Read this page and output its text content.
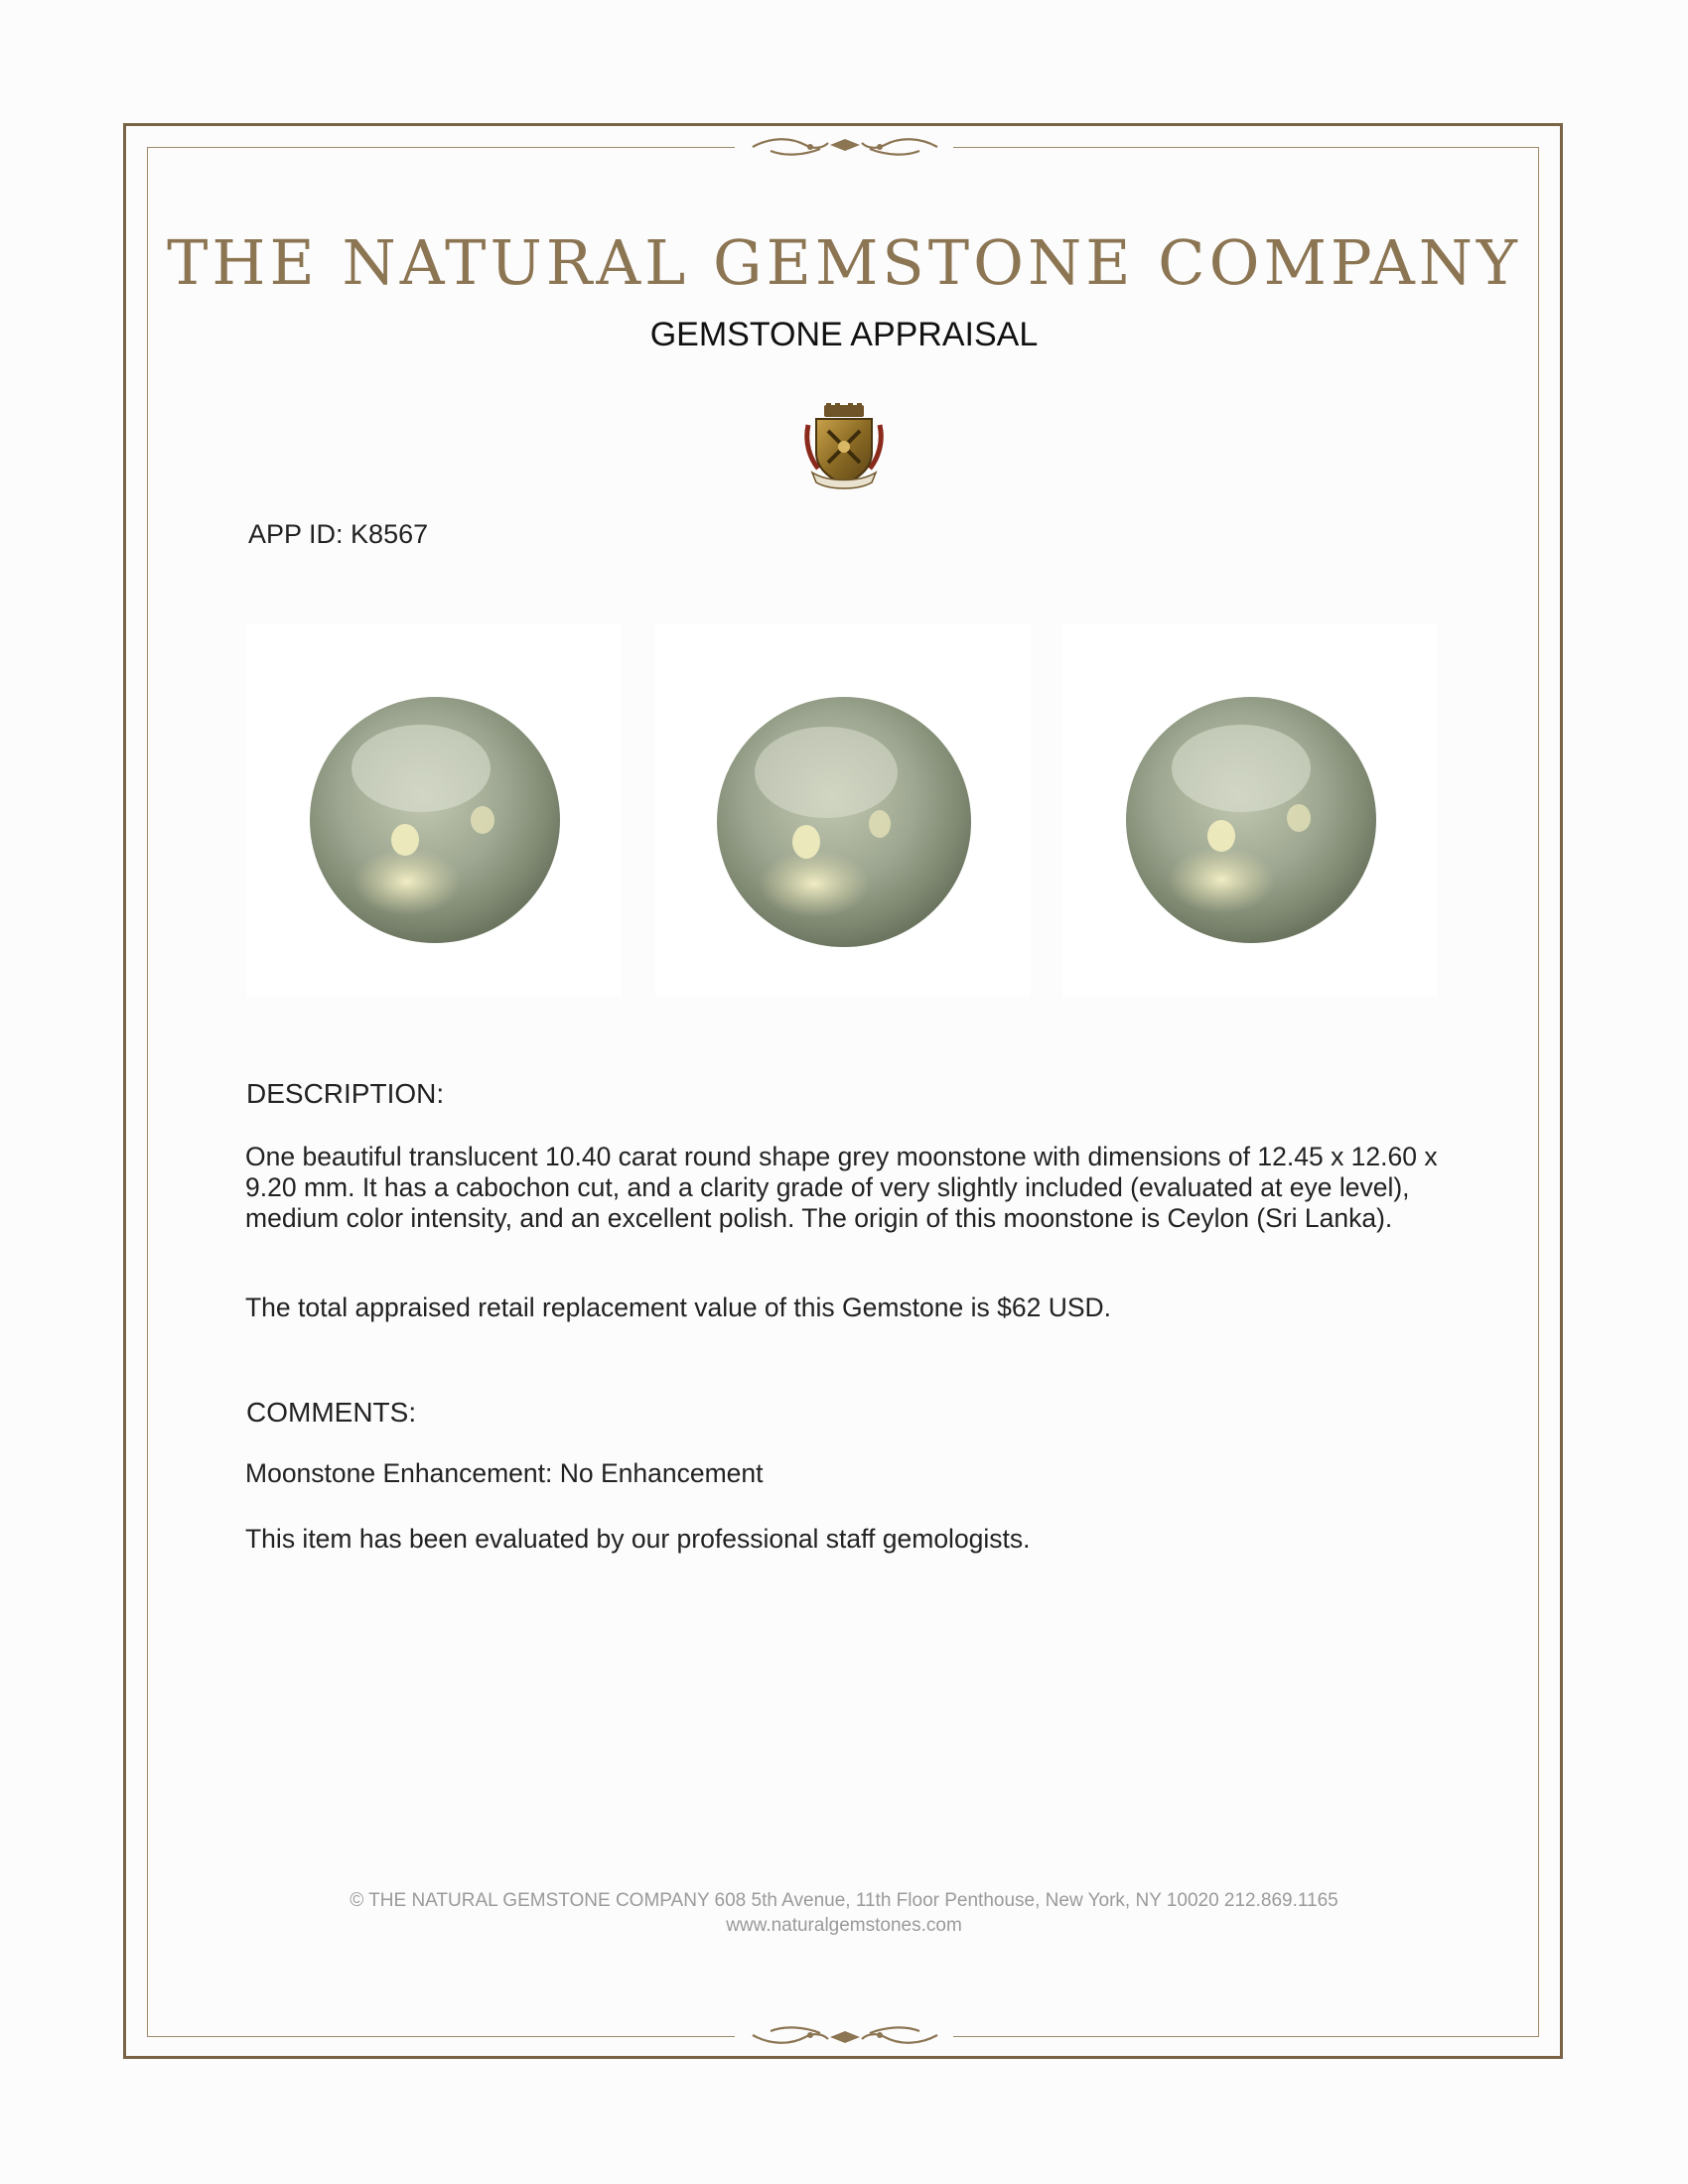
THE NATURAL GEMSTONE COMPANY
GEMSTONE APPRAISAL
APP ID: K8567
DESCRIPTION:

One beautiful translucent 10.40 carat round shape grey moonstone with dimensions of 12.45 x 12.60 x 9.20 mm. It has a cabochon cut, and a clarity grade of very slightly included (evaluated at eye level), medium color intensity, and an excellent polish. The origin of this moonstone is Ceylon (Sri Lanka).

The total appraised retail replacement value of this Gemstone is $62 USD.

COMMENTS:

Moonstone Enhancement: No Enhancement

This item has been evaluated by our professional staff gemologists.

© THE NATURAL GEMSTONE COMPANY 608 5th Avenue, 11th Floor Penthouse, New York, NY 10020 212.869.1165
www.naturalgemstones.com
